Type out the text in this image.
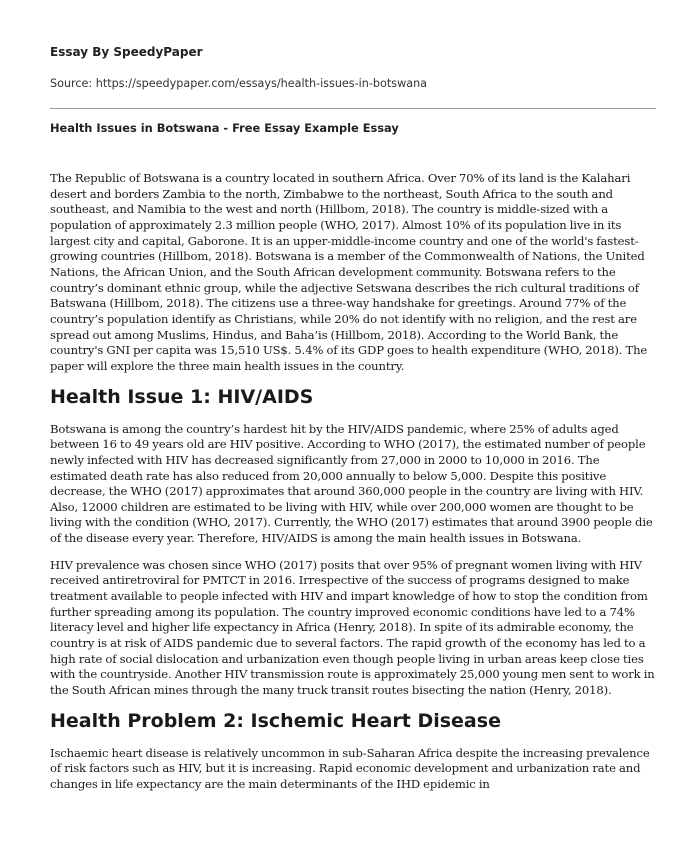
Essay By SpeedyPaper
Source: https://speedypaper.com/essays/health-issues-in-botswana
Health Issues in Botswana - Free Essay Example Essay

The Republic of Botswana is a country located in southern Africa. Over 70% of its land is the Kalahari desert and borders Zambia to the north, Zimbabwe to the northeast, South Africa to the south and southeast, and Namibia to the west and north (Hillbom, 2018). The country is middle-sized with a population of approximately 2.3 million people (WHO, 2017). Almost 10% of its population live in its largest city and capital, Gaborone. It is an upper-middle-income country and one of the world's fastest-growing countries (Hillbom, 2018). Botswana is a member of the Commonwealth of Nations, the United Nations, the African Union, and the South African development community. Botswana refers to the country’s dominant ethnic group, while the adjective Setswana describes the rich cultural traditions of Batswana (Hillbom, 2018). The citizens use a three-way handshake for greetings. Around 77% of the country’s population identify as Christians, while 20% do not identify with no religion, and the rest are spread out among Muslims, Hindus, and Baha’is (Hillbom, 2018). According to the World Bank, the country's GNI per capita was 15,510 US$. 5.4% of its GDP goes to health expenditure (WHO, 2018). The paper will explore the three main health issues in the country.

Health Issue 1: HIV/AIDS

Botswana is among the country’s hardest hit by the HIV/AIDS pandemic, where 25% of adults aged between 16 to 49 years old are HIV positive. According to WHO (2017), the estimated number of people newly infected with HIV has decreased significantly from 27,000 in 2000 to 10,000 in 2016. The estimated death rate has also reduced from 20,000 annually to below 5,000. Despite this positive decrease, the WHO (2017) approximates that around 360,000 people in the country are living with HIV. Also, 12000 children are estimated to be living with HIV, while over 200,000 women are thought to be living with the condition (WHO, 2017). Currently, the WHO (2017) estimates that around 3900 people die of the disease every year. Therefore, HIV/AIDS is among the main health issues in Botswana.

HIV prevalence was chosen since WHO (2017) posits that over 95% of pregnant women living with HIV received antiretroviral for PMTCT in 2016. Irrespective of the success of programs designed to make treatment available to people infected with HIV and impart knowledge of how to stop the condition from further spreading among its population. The country improved economic conditions have led to a 74% literacy level and higher life expectancy in Africa (Henry, 2018). In spite of its admirable economy, the country is at risk of AIDS pandemic due to several factors. The rapid growth of the economy has led to a high rate of social dislocation and urbanization even though people living in urban areas keep close ties with the countryside. Another HIV transmission route is approximately 25,000 young men sent to work in the South African mines through the many truck transit routes bisecting the nation (Henry, 2018).

Health Problem 2: Ischemic Heart Disease

Ischaemic heart disease is relatively uncommon in sub-Saharan Africa despite the increasing prevalence of risk factors such as HIV, but it is increasing. Rapid economic development and urbanization rate and changes in life expectancy are the main determinants of the IHD epidemic in
